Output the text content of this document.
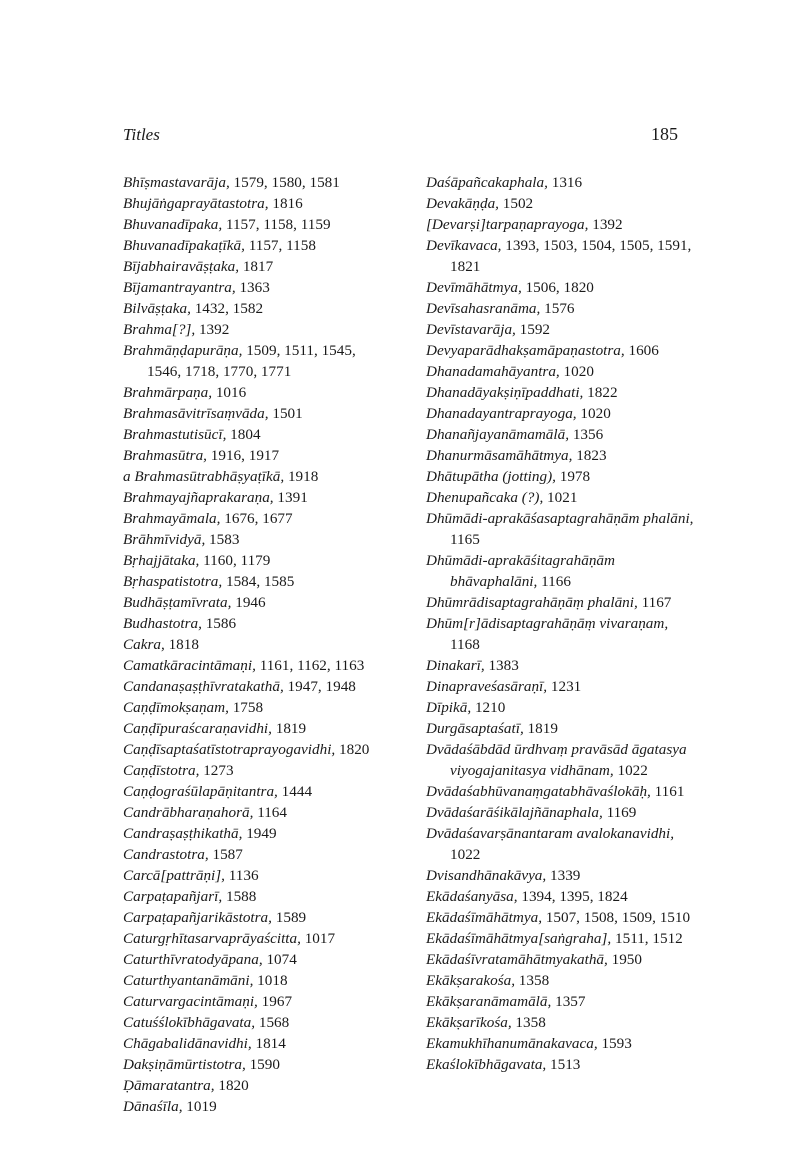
Titles	185
Bhīṣmastavarāja, 1579, 1580, 1581
Bhujāṅgaprayātastotra, 1816
Bhuvanadīpaka, 1157, 1158, 1159
Bhuvanadīpakaṭīkā, 1157, 1158
Bījabhairavāṣṭaka, 1817
Bījamantrayantra, 1363
Bilvāṣṭaka, 1432, 1582
Brahma[?], 1392
Brahmāṇḍapurāṇa, 1509, 1511, 1545, 1546, 1718, 1770, 1771
Brahmārpaṇa, 1016
Brahmasāvitrīsaṃvāda, 1501
Brahmastutisūcī, 1804
Brahmasūtra, 1916, 1917
a Brahmasūtrabhāṣyaṭīkā, 1918
Brahmayajñaprakaraṇa, 1391
Brahmayāmala, 1676, 1677
Brāhmīvidyā, 1583
Bṛhajjātaka, 1160, 1179
Bṛhaspatistotra, 1584, 1585
Budhāṣṭamīvrata, 1946
Budhastotra, 1586
Cakra, 1818
Camatkāracintāmaṇi, 1161, 1162, 1163
Candanaṣaṣṭhīvratakathā, 1947, 1948
Caṇḍīmokṣaṇam, 1758
Caṇḍīpuraścaraṇavidhi, 1819
Caṇḍīsaptaśatīstotraprayogavidhi, 1820
Caṇḍīstotra, 1273
Caṇḍograśūlapāṇitantra, 1444
Candrābharaṇahorā, 1164
Candraṣaṣṭhikathā, 1949
Candrastotra, 1587
Carcā[pattrāṇi], 1136
Carpaṭapañjarī, 1588
Carpaṭapañjarikāstotra, 1589
Caturgṛhītasarvaprāyaścitta, 1017
Caturthīvratodyāpana, 1074
Caturthyantanāmāni, 1018
Caturvargacintāmaṇi, 1967
Catuśślokībhāgavata, 1568
Chāgabalidānavidhi, 1814
Dakṣiṇāmūrtistotra, 1590
Ḍāmaratantra, 1820
Dānaśīla, 1019
Daśāpañcakaphala, 1316
Devakāṇḍa, 1502
[Devarṣi]tarpaṇaprayoga, 1392
Devīkavaca, 1393, 1503, 1504, 1505, 1591, 1821
Devīmāhātmya, 1506, 1820
Devīsahasranāma, 1576
Devīstavarāja, 1592
Devyaparādhakṣamāpaṇastotra, 1606
Dhanadamahāyantra, 1020
Dhanadāyakṣiṇīpaddhati, 1822
Dhanadayantraprayoga, 1020
Dhanañjayanāmamālā, 1356
Dhanurmāsamāhātmya, 1823
Dhātupātha (jotting), 1978
Dhenupañcaka (?), 1021
Dhūmādi-aprakāśasaptagrahāṇām phalāni, 1165
Dhūmādi-aprakāśitagrahāṇām bhāvaphalāni, 1166
Dhūmrādisaptagrahāṇāṃ phalāni, 1167
Dhūm[r]ādisaptagrahāṇāṃ vivaraṇam, 1168
Dinakarī, 1383
Dinapraveśasāraṇī, 1231
Dīpikā, 1210
Durgāsaptaśatī, 1819
Dvādaśābdād ūrdhvaṃ pravāsād āgatasya viyogajanitasya vidhānam, 1022
Dvādaśabhūvanaṃgatabhāvaślokāḥ, 1161
Dvādaśarāśikālajñānaphala, 1169
Dvādaśavarṣānantaram avalokanavidhi, 1022
Dvisandhānakāvya, 1339
Ekādaśanyāsa, 1394, 1395, 1824
Ekādaśīmāhātmya, 1507, 1508, 1509, 1510
Ekādaśīmāhātmya[saṅgraha], 1511, 1512
Ekādaśīvratamāhātmyakathā, 1950
Ekākṣarakośa, 1358
Ekākṣaranāmamālā, 1357
Ekākṣarīkośa, 1358
Ekamukhīhanumānakavaca, 1593
Ekaślokībhāgavata, 1513
